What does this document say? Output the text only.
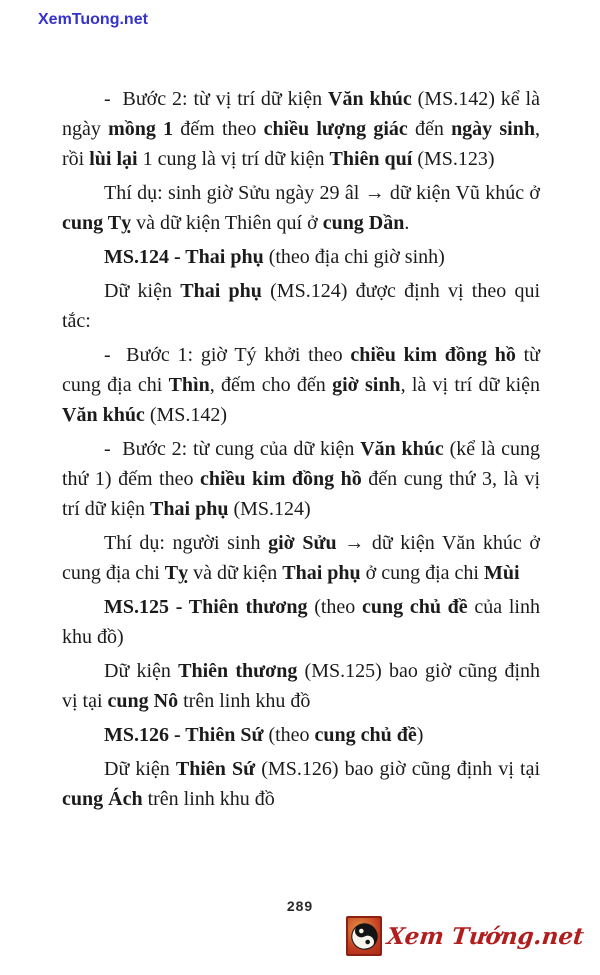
XemTuong.net

-  Bước 2: từ vị trí dữ kiện Văn khúc (MS.142) kể là ngày mồng 1 đếm theo chiều lượng giác đến ngày sinh, rồi lùi lại 1 cung là vị trí dữ kiện Thiên quí (MS.123)

Thí dụ: sinh giờ Sửu ngày 29 âl → dữ kiện Vũ khúc ở cung Tỵ và dữ kiện Thiên quí ở cung Dần.

MS.124 - Thai phụ (theo địa chi giờ sinh)

Dữ kiện Thai phụ (MS.124) được định vị theo qui tắc:

-  Bước 1: giờ Tý khởi theo chiều kim đồng hồ từ cung địa chi Thìn, đếm cho đến giờ sinh, là vị trí dữ kiện Văn khúc (MS.142)

-  Bước 2: từ cung của dữ kiện Văn khúc (kể là cung thứ 1) đếm theo chiều kim đồng hồ đến cung thứ 3, là vị trí dữ kiện Thai phụ (MS.124)

Thí dụ: người sinh giờ Sửu → dữ kiện Văn khúc ở cung địa chi Tỵ và dữ kiện Thai phụ ở cung địa chi Mùi

MS.125 - Thiên thương (theo cung chủ đề của linh khu đồ)

Dữ kiện Thiên thương (MS.125) bao giờ cũng định vị tại cung Nô trên linh khu đồ

MS.126 - Thiên Sứ (theo cung chủ đề)

Dữ kiện Thiên Sứ (MS.126) bao giờ cũng định vị tại cung Ách trên linh khu đồ

289
Xem Tướng.net
